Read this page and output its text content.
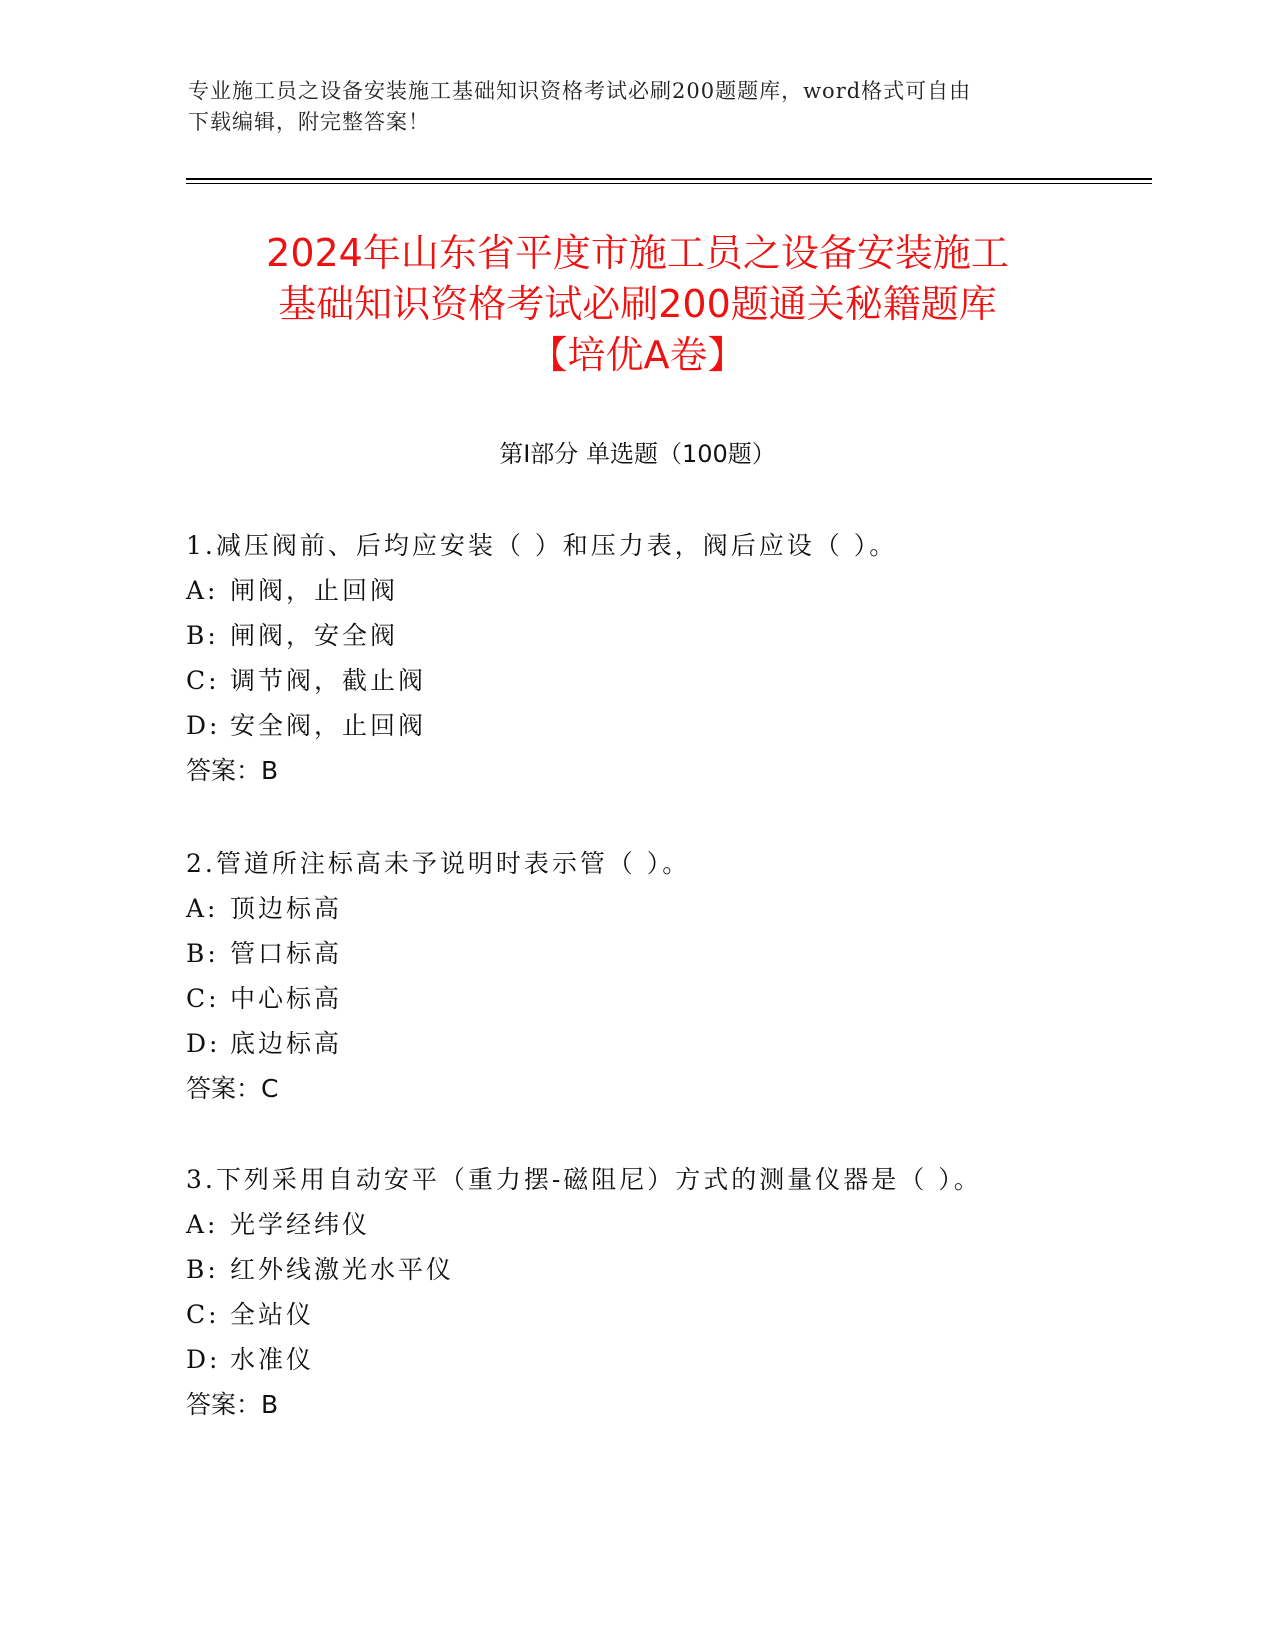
专业施工员之设备安装施工基础知识资格考试必刷200题题库，word格式可自由
下载编辑，附完整答案！
2024年山东省平度市施工员之设备安装施工
基础知识资格考试必刷200题通关秘籍题库
【培优A卷】
第I部分 单选题（100题）
1.减压阀前、后均应安装（ ）和压力表，阀后应设（ ）。
A: 闸阀，止回阀
B: 闸阀，安全阀
C: 调节阀，截止阀
D: 安全阀，止回阀
答案：B
2.管道所注标高未予说明时表示管（ ）。
A: 顶边标高
B: 管口标高
C: 中心标高
D: 底边标高
答案：C
3.下列采用自动安平（重力摆-磁阻尼）方式的测量仪器是（ ）。
A: 光学经纬仪
B: 红外线激光水平仪
C: 全站仪
D: 水准仪
答案：B
